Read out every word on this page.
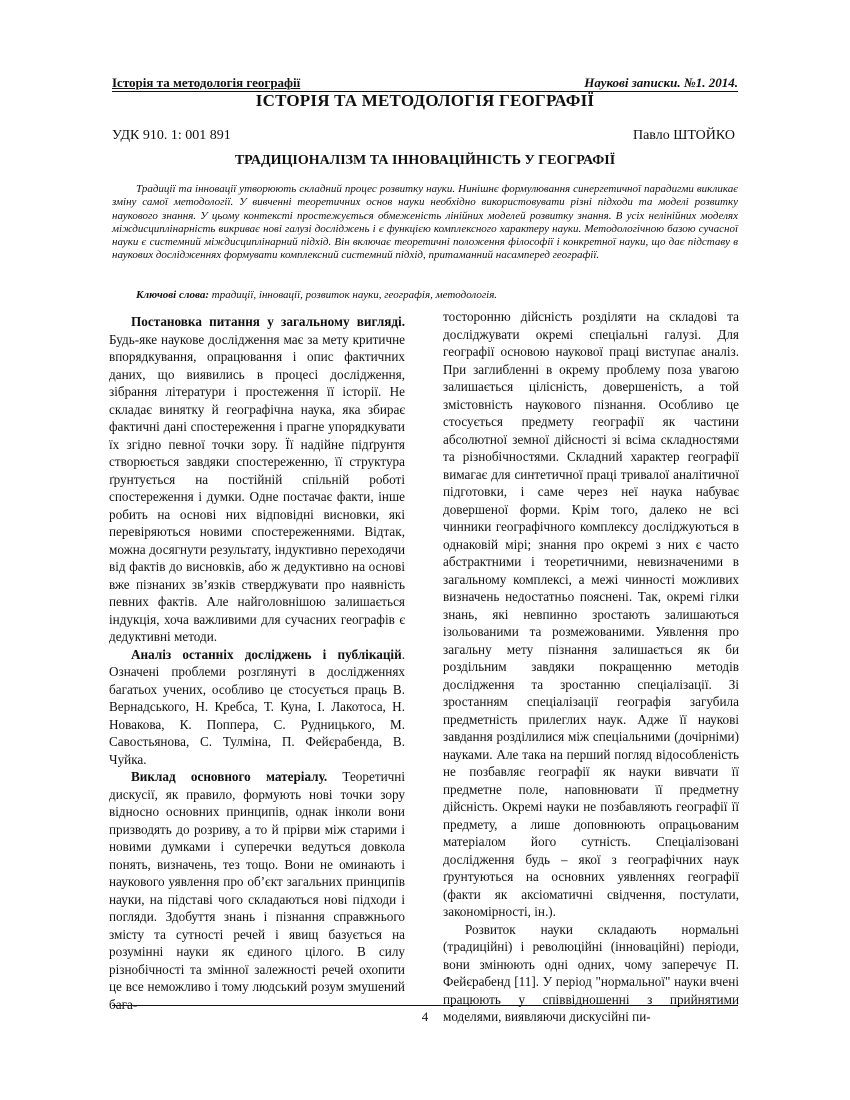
Історія та методологія географії	Наукові записки. №1. 2014.
ІСТОРІЯ ТА МЕТОДОЛОГІЯ ГЕОГРАФІЇ
УДК 910. 1: 001 891	Павло ШТОЙКО
ТРАДИЦІОНАЛІЗМ ТА ІННОВАЦІЙНІСТЬ У ГЕОГРАФІЇ

Традиції та інновації утворюють складний процес розвитку науки. Нинішнє формулювання синергетичної парадигми викликає зміну самої методології. У вивченні теоретичних основ науки необхідно використовувати різні підходи та моделі розвитку наукового знання. У цьому контексті простежується обмеженість лінійних моделей розвитку знання. В усіх нелінійних моделях міждисциплінарність викриває нові галузі досліджень і є функцією комплексного характеру науки. Методологічною базою сучасної науки є системний міждисциплінарний підхід. Він включає теоретичні положення філософії і конкретної науки, що дає підставу в наукових дослідженнях формувати комплексний системний підхід, притаманний насамперед географії.

Ключові слова: традиції, інновації, розвиток науки, географія, методологія.

Постановка питання у загальному вигляді. Будь-яке наукове дослідження має за мету критичне впорядкування, опрацювання і опис фактичних даних, що виявились в процесі дослідження, зібрання літератури і простеження її історії. Не складає винятку й географічна наука, яка збирає фактичні дані спостереження і прагне упорядкувати їх згідно певної точки зору. Її надійне підґрунтя створюється завдяки спостереженню, її структура ґрунтується на постійній спільній роботі спостереження і думки. Одне постачає факти, інше робить на основі них відповідні висновки, які перевіряються новими спостереженнями. Відтак, можна досягнути результату, індуктивно переходячи від фактів до висновків, або ж дедуктивно на основі вже пізнаних зв’язків стверджувати про наявність певних фактів. Але найголовнішою залишається індукція, хоча важливими для сучасних географів є дедуктивні методи.

Аналіз останніх досліджень і публікацій. Означені проблеми розглянуті в дослідженнях багатьох учених, особливо це стосується праць В. Вернадського, Н. Кребса, Т. Куна, І. Лакотоса, Н. Новакова, К. Поппера, С. Рудницького, М. Савостьянова, С. Тулміна, П. Фейєрабенда, В. Чуйка.

Виклад основного матеріалу. Теоретичні дискусії, як правило, формують нові точки зору відносно основних принципів, однак інколи вони призводять до розриву, а то й прірви між старими і новими думками і суперечки ведуться довкола понять, визначень, тез тощо. Вони не оминають і наукового уявлення про об’єкт загальних принципів науки, на підставі чого складаються нові підходи і погляди. Здобуття знань і пізнання справжнього змісту та сутності речей і явищ базується на розумінні науки як єдиного цілого. В силу різнобічності та змінної залежності речей охопити це все неможливо і тому людський розум змушений бага-

тосторонню дійсність розділяти на складові та досліджувати окремі спеціальні галузі. Для географії основою наукової праці виступає аналіз. При заглибленні в окрему проблему поза увагою залишається цілісність, довершеність, а той змістовність наукового пізнання. Особливо це стосується предмету географії як частини абсолютної земної дійсності зі всіма складностями та різнобічностями. Складний характер географії вимагає для синтетичної праці тривалої аналітичної підготовки, і саме через неї наука набуває довершеної форми. Крім того, далеко не всі чинники географічного комплексу досліджуються в однаковій мірі; знання про окремі з них є часто абстрактними і теоретичними, невизначеними в загальному комплексі, а межі чинності можливих визначень недостатньо пояснені. Так, окремі гілки знань, які невпинно зростають залишаються ізольованими та розмежованими. Уявлення про загальну мету пізнання залишається як би роздільним завдяки покращенню методів дослідження та зростанню спеціалізації. Зі зростанням спеціалізації географія загубила предметність прилеглих наук. Адже її наукові завдання розділилися між спеціальними (дочірніми) науками. Але така на перший погляд відособленість не позбавляє географії як науки вивчати її предметне поле, наповнювати її предметну дійсність. Окремі науки не позбавляють географії її предмету, а лише доповнюють опрацьованим матеріалом його сутність. Спеціалізовані дослідження будь – якої з географічних наук ґрунтуються на основних уявленнях географії (факти як аксіоматичні свідчення, постулати, закономірності, ін.).

Розвиток науки складають нормальні (традиційні) і революційні (інноваційні) періоди, вони змінюють одні одних, чому заперечує П. Фейєрабенд [11]. У період "нормальної" науки вчені працюють у співвідношенні з прийнятими моделями, виявляючи дискусійні пи-

4
